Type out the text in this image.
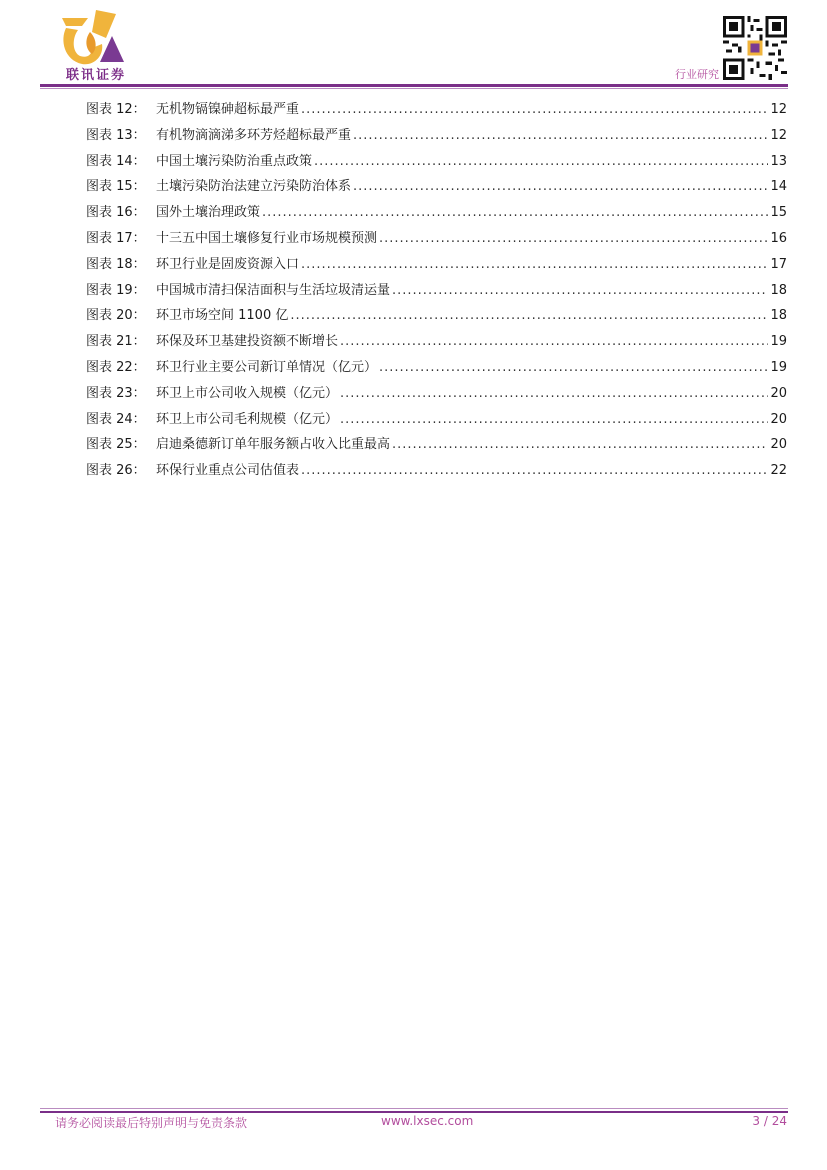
联讯证券	行业研究
图表 12： 无机物镉镍砷超标最严重 .....	12
图表 13： 有机物滴滴涕多环芳烃超标最严重 .....	12
图表 14： 中国土壤污染防治重点政策 .....	13
图表 15： 土壤污染防治法建立污染防治体系 .....	14
图表 16： 国外土壤治理政策 .....	15
图表 17： 十三五中国土壤修复行业市场规模预测 .....	16
图表 18： 环卫行业是固废资源入口 .....	17
图表 19： 中国城市清扫保洁面积与生活垃圾清运量 .....	18
图表 20： 环卫市场空间 1100 亿 .....	18
图表 21： 环保及环卫基建投资额不断增长 .....	19
图表 22： 环卫行业主要公司新订单情况（亿元） .....	19
图表 23： 环卫上市公司收入规模（亿元） .....	20
图表 24： 环卫上市公司毛利规模（亿元） .....	20
图表 25： 启迪桑德新订单年服务额占收入比重最高 .....	20
图表 26： 环保行业重点公司估值表 .....	22
请务必阅读最后特别声明与免责条款	www.lxsec.com	3 / 24
